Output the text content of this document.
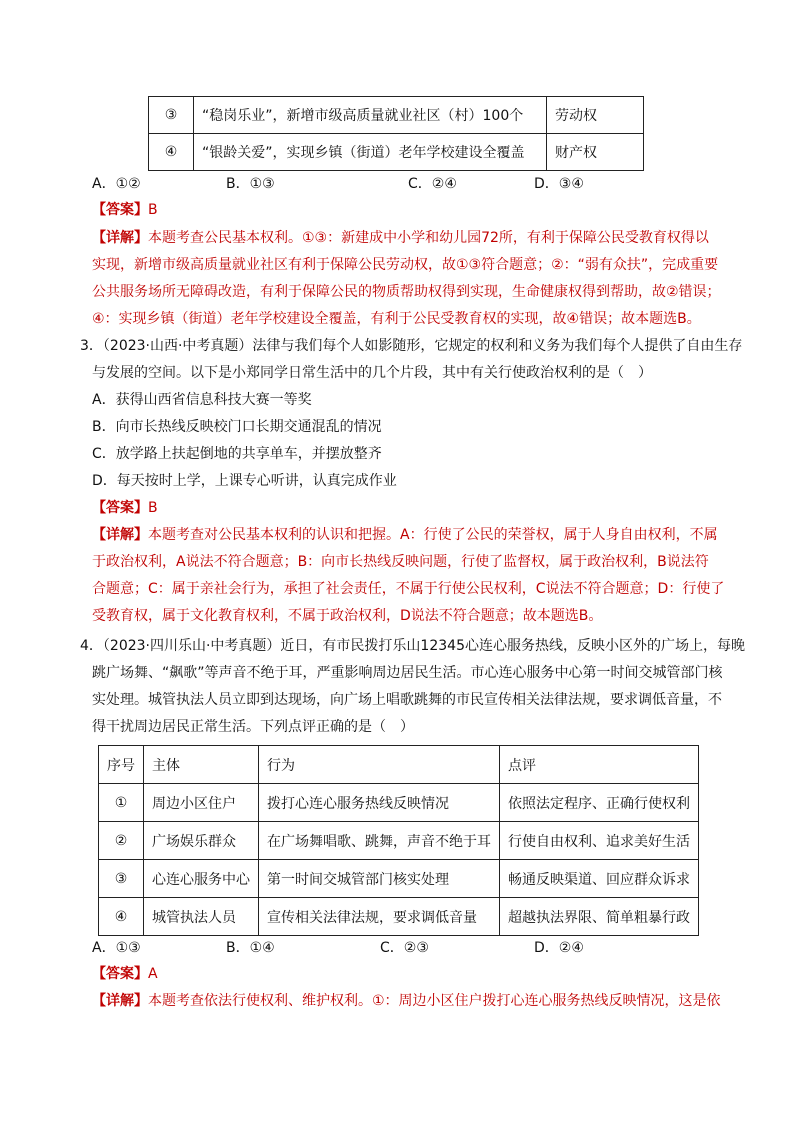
③	“稳岗乐业”，新增市级高质量就业社区（村）100个	劳动权
④	“银龄关爱”，实现乡镇（街道）老年学校建设全覆盖	财产权
A．①②	B．①③	C．②④	D．③④
【答案】B
【详解】本题考查公民基本权利。①③：新建成中小学和幼儿园72所，有利于保障公民受教育权得以
实现，新增市级高质量就业社区有利于保障公民劳动权，故①③符合题意；②：“弱有众扶”，完成重要
公共服务场所无障碍改造，有利于保障公民的物质帮助权得到实现，生命健康权得到帮助，故②错误；
④：实现乡镇（街道）老年学校建设全覆盖，有利于公民受教育权的实现，故④错误；故本题选B。
3．（2023·山西·中考真题）法律与我们每个人如影随形，它规定的权利和义务为我们每个人提供了自由生存
与发展的空间。以下是小郑同学日常生活中的几个片段，其中有关行使政治权利的是（　）
A．获得山西省信息科技大赛一等奖
B．向市长热线反映校门口长期交通混乱的情况
C．放学路上扶起倒地的共享单车，并摆放整齐
D．每天按时上学，上课专心听讲，认真完成作业
【答案】B
【详解】本题考查对公民基本权利的认识和把握。A：行使了公民的荣誉权，属于人身自由权利，不属
于政治权利，A说法不符合题意；B：向市长热线反映问题，行使了监督权，属于政治权利，B说法符
合题意；C：属于亲社会行为，承担了社会责任，不属于行使公民权利，C说法不符合题意；D：行使了
受教育权，属于文化教育权利，不属于政治权利，D说法不符合题意；故本题选B。
4．（2023·四川乐山·中考真题）近日，有市民拨打乐山12345心连心服务热线，反映小区外的广场上，每晚
跳广场舞、“飙歌”等声音不绝于耳，严重影响周边居民生活。市心连心服务中心第一时间交城管部门核
实处理。城管执法人员立即到达现场，向广场上唱歌跳舞的市民宣传相关法律法规，要求调低音量，不
得干扰周边居民正常生活。下列点评正确的是（　）
序号	主体	行为	点评
①	周边小区住户	拨打心连心服务热线反映情况	依照法定程序、正确行使权利
②	广场娱乐群众	在广场舞唱歌、跳舞，声音不绝于耳	行使自由权利、追求美好生活
③	心连心服务中心	第一时间交城管部门核实处理	畅通反映渠道、回应群众诉求
④	城管执法人员	宣传相关法律法规，要求调低音量	超越执法界限、简单粗暴行政
A．①③	B．①④	C．②③	D．②④
【答案】A
【详解】本题考查依法行使权利、维护权利。①：周边小区住户拨打心连心服务热线反映情况，这是依
